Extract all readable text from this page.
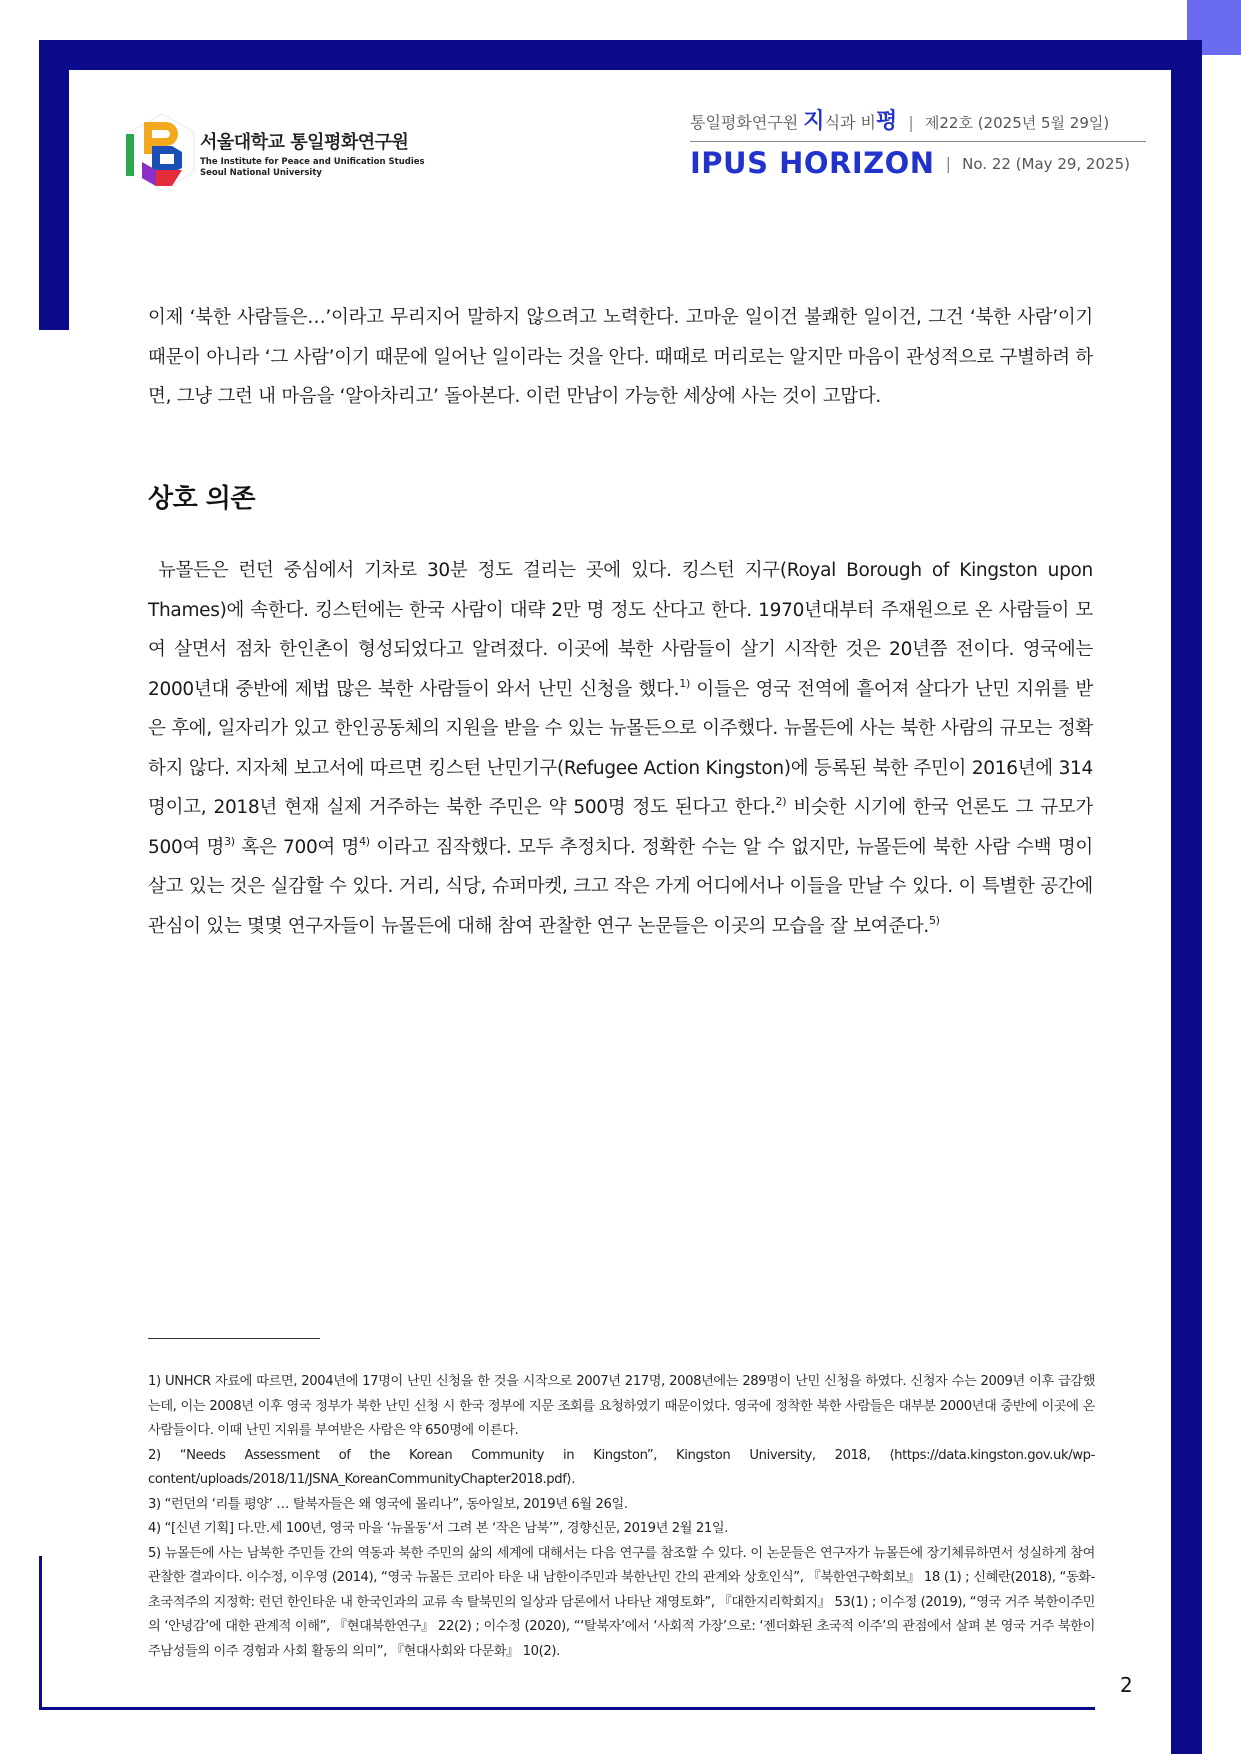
서울대학교 통일평화연구원
The Institute for Peace and Unification Studies
Seoul National University
통일평화연구원 지식과 비평 | 제22호 (2025년 5월 29일)
IPUS HORIZON | No. 22 (May 29, 2025)

이제 ‘북한 사람들은…’이라고 무리지어 말하지 않으려고 노력한다. 고마운 일이건 불쾌한 일이건, 그건 ‘북한 사람’이기 때문이 아니라 ‘그 사람’이기 때문에 일어난 일이라는 것을 안다. 때때로 머리로는 알지만 마음이 관성적으로 구별하려 하면, 그냥 그런 내 마음을 ‘알아차리고’ 돌아본다. 이런 만남이 가능한 세상에 사는 것이 고맙다.

상호 의존

뉴몰든은 런던 중심에서 기차로 30분 정도 걸리는 곳에 있다. 킹스턴 지구(Royal Borough of Kingston upon Thames)에 속한다. 킹스턴에는 한국 사람이 대략 2만 명 정도 산다고 한다. 1970년대부터 주재원으로 온 사람들이 모여 살면서 점차 한인촌이 형성되었다고 알려졌다. 이곳에 북한 사람들이 살기 시작한 것은 20년쯤 전이다. 영국에는 2000년대 중반에 제법 많은 북한 사람들이 와서 난민 신청을 했다.$^{1)}$ 이들은 영국 전역에 흩어져 살다가 난민 지위를 받은 후에, 일자리가 있고 한인공동체의 지원을 받을 수 있는 뉴몰든으로 이주했다. 뉴몰든에 사는 북한 사람의 규모는 정확하지 않다. 지자체 보고서에 따르면 킹스턴 난민기구(Refugee Action Kingston)에 등록된 북한 주민이 2016년에 314명이고, 2018년 현재 실제 거주하는 북한 주민은 약 500명 정도 된다고 한다.$^{2)}$ 비슷한 시기에 한국 언론도 그 규모가 500여 명$^{3)}$ 혹은 700여 명$^{4)}$ 이라고 짐작했다. 모두 추정치다. 정확한 수는 알 수 없지만, 뉴몰든에 북한 사람 수백 명이 살고 있는 것은 실감할 수 있다. 거리, 식당, 슈퍼마켓, 크고 작은 가게 어디에서나 이들을 만날 수 있다. 이 특별한 공간에 관심이 있는 몇몇 연구자들이 뉴몰든에 대해 참여 관찰한 연구 논문들은 이곳의 모습을 잘 보여준다.$^{5)}$

1) UNHCR 자료에 따르면, 2004년에 17명이 난민 신청을 한 것을 시작으로 2007년 217명, 2008년에는 289명이 난민 신청을 하였다. 신청자 수는 2009년 이후 급감했는데, 이는 2008년 이후 영국 정부가 북한 난민 신청 시 한국 정부에 지문 조회를 요청하였기 때문이었다. 영국에 정착한 북한 사람들은 대부분 2000년대 중반에 이곳에 온 사람들이다. 이때 난민 지위를 부여받은 사람은 약 650명에 이른다.

2) “Needs Assessment of the Korean Community in Kingston”, Kingston University, 2018, ⟨https://data.kingston.gov.uk/wp-content/uploads/2018/11/JSNA_KoreanCommunityChapter2018.pdf⟩.

3) “런던의 ‘리틀 평양’ … 탈북자들은 왜 영국에 몰리나”, 동아일보, 2019년 6월 26일.

4) “[신년 기획] 다.만.세 100년, 영국 마을 ‘뉴몰동’서 그려 본 ‘작은 남북’”, 경향신문, 2019년 2월 21일.

5) 뉴몰든에 사는 남북한 주민들 간의 역동과 북한 주민의 삶의 세계에 대해서는 다음 연구를 참조할 수 있다. 이 논문들은 연구자가 뉴몰든에 장기체류하면서 성실하게 참여 관찰한 결과이다. 이수정, 이우영 (2014), “영국 뉴몰든 코리아 타운 내 남한이주민과 북한난민 간의 관계와 상호인식”, 『북한연구학회보』 18 (1) ; 신혜란(2018), “동화-초국적주의 지정학: 런던 한인타운 내 한국인과의 교류 속 탈북민의 일상과 담론에서 나타난 재영토화”, 『대한지리학회지』 53(1) ; 이수정 (2019), “영국 거주 북한이주민의 ‘안녕감’에 대한 관계적 이해”, 『현대북한연구』 22(2) ; 이수정 (2020), “‘탈북자’에서 ‘사회적 가장’으로: ‘젠더화된 초국적 이주’의 관점에서 살펴 본 영국 거주 북한이주남성들의 이주 경험과 사회 활동의 의미”, 『현대사회와 다문화』 10(2).

2
